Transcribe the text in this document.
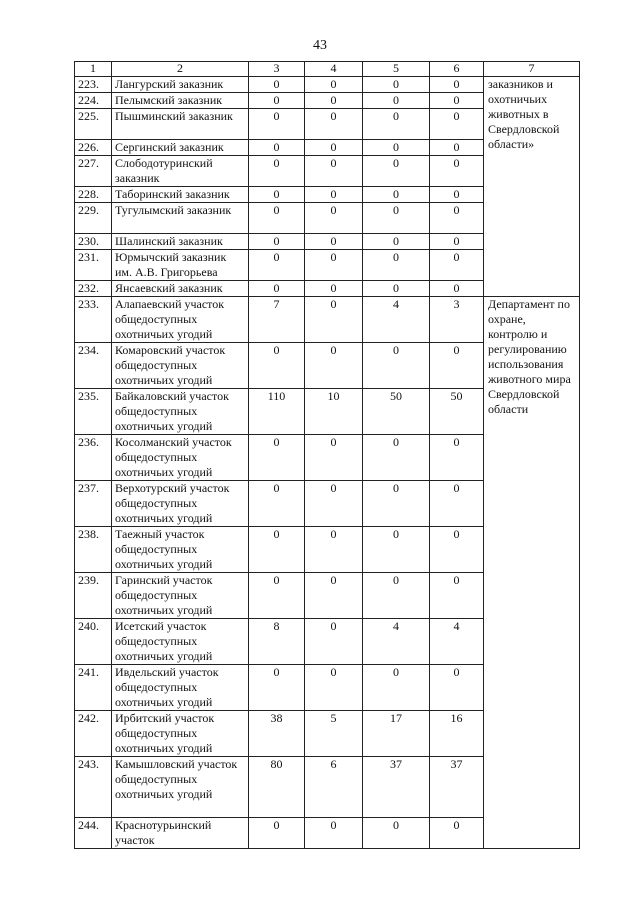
43
1	2	3	4	5	6	7
223.	Лангурский заказник	0	0	0	0	заказников и охотничьих животных в Свердловской области»
224.	Пелымский заказник	0	0	0	0	
225.	Пышминский заказник	0	0	0	0	
226.	Сергинский заказник	0	0	0	0	
227.	Слободотуринский заказник	0	0	0	0	
228.	Таборинский заказник	0	0	0	0	
229.	Тугулымский заказник	0	0	0	0	
230.	Шалинский заказник	0	0	0	0	
231.	Юрмычский заказник им. А.В. Григорьева	0	0	0	0	
232.	Янсаевский заказник	0	0	0	0	
233.	Алапаевский участок общедоступных охотничьих угодий	7	0	4	3	Департамент по охране, контролю и регулированию использования животного мира Свердловской области
234.	Комаровский участок общедоступных охотничьих угодий	0	0	0	0	
235.	Байкаловский участок общедоступных охотничьих угодий	110	10	50	50	
236.	Косолманский участок общедоступных охотничьих угодий	0	0	0	0	
237.	Верхотурский участок общедоступных охотничьих угодий	0	0	0	0	
238.	Таежный участок общедоступных охотничьих угодий	0	0	0	0	
239.	Гаринский участок общедоступных охотничьих угодий	0	0	0	0	
240.	Исетский участок общедоступных охотничьих угодий	8	0	4	4	
241.	Ивдельский участок общедоступных охотничьих угодий	0	0	0	0	
242.	Ирбитский участок общедоступных охотничьих угодий	38	5	17	16	
243.	Камышловский участок общедоступных охотничьих угодий	80	6	37	37	
244.	Краснотурьинский участок	0	0	0	0	
